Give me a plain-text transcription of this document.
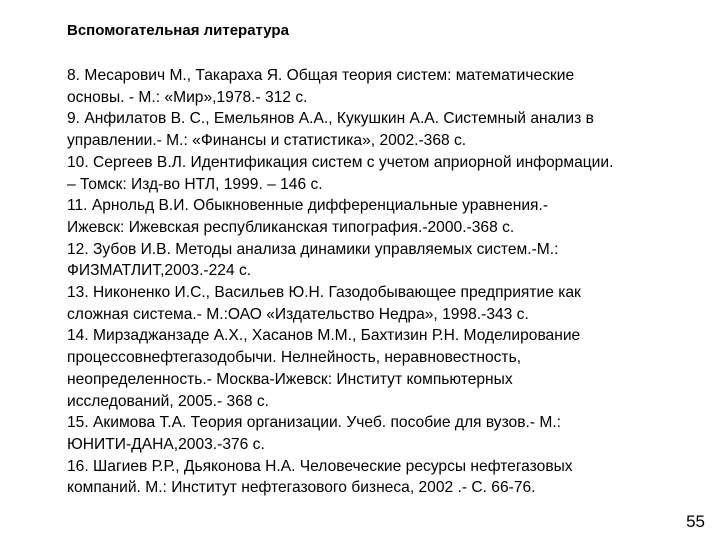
Вспомогательная литература
8. Месарович М., Такараха Я. Общая теория систем: математические
основы. - М.: «Мир»,1978.- 312 с.
9. Анфилатов В. С., Емельянов А.А., Кукушкин А.А. Системный анализ в
управлении.- М.: «Финансы и статистика», 2002.-368 с.
10. Сергеев В.Л. Идентификация систем с учетом априорной информации.
– Томск: Изд-во НТЛ, 1999. – 146 с.
11. Арнольд В.И. Обыкновенные дифференциальные уравнения.-
Ижевск: Ижевская республиканская типография.-2000.-368 с.
12. Зубов И.В. Методы анализа динамики управляемых систем.-М.:
ФИЗМАТЛИТ,2003.-224 с.
13. Никоненко И.С., Васильев Ю.Н. Газодобывающее предприятие как
сложная система.- М.:ОАО «Издательство Недра», 1998.-343 с.
14. Мирзаджанзаде А.Х., Хасанов М.М., Бахтизин Р.Н. Моделирование
процессовнефтегазодобычи. Нелнейность, неравновестность,
неопределенность.- Москва-Ижевск: Институт компьютерных
исследований, 2005.- 368 с.
15. Акимова Т.А. Теория организации. Учеб. пособие для вузов.- М.:
ЮНИТИ-ДАНА,2003.-376 с.
16. Шагиев Р.Р., Дьяконова Н.А. Человеческие ресурсы нефтегазовых
компаний. М.: Институт нефтегазового бизнеса, 2002 .- С. 66-76.
55
